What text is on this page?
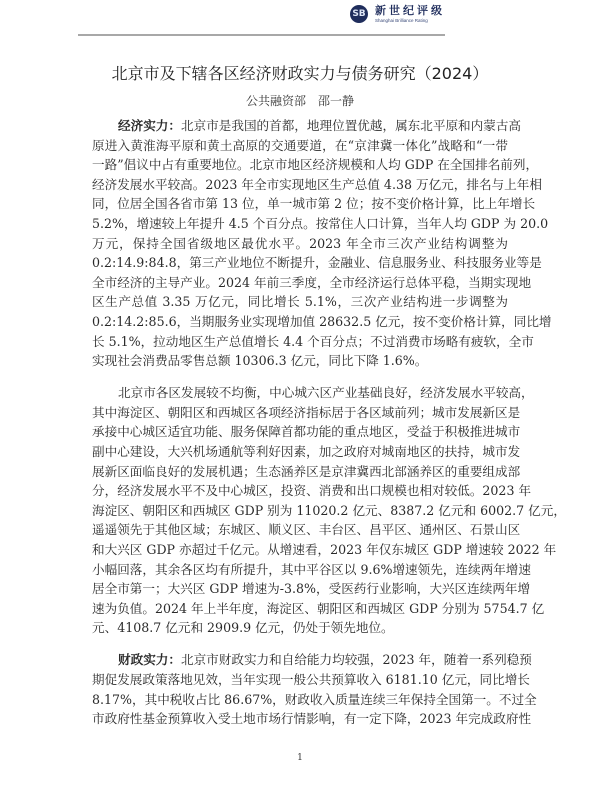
SB 新世纪评级
Shanghai Brilliance Rating
北京市及下辖各区经济财政实力与债务研究（2024）
公共融资部　邵一静
经济实力：北京市是我国的首都，地理位置优越，属东北平原和内蒙古高
原进入黄淮海平原和黄土高原的交通要道，在“京津冀一体化”战略和“一带
一路”倡议中占有重要地位。北京市地区经济规模和人均 GDP 在全国排名前列，
经济发展水平较高。2023 年全市实现地区生产总值 4.38 万亿元，排名与上年相
同，位居全国各省市第 13 位，单一城市第 2 位；按不变价格计算，比上年增长
5.2%，增速较上年提升 4.5 个百分点。按常住人口计算，当年人均 GDP 为 20.0
万元，保持全国省级地区最优水平。2023 年全市三次产业结构调整为
0.2:14.9:84.8，第三产业地位不断提升，金融业、信息服务业、科技服务业等是
全市经济的主导产业。2024 年前三季度，全市经济运行总体平稳，当期实现地
区生产总值 3.35 万亿元，同比增长 5.1%，三次产业结构进一步调整为
0.2:14.2:85.6，当期服务业实现增加值 28632.5 亿元，按不变价格计算，同比增
长 5.1%，拉动地区生产总值增长 4.4 个百分点；不过消费市场略有疲软，全市
实现社会消费品零售总额 10306.3 亿元，同比下降 1.6%。
北京市各区发展较不均衡，中心城六区产业基础良好，经济发展水平较高，
其中海淀区、朝阳区和西城区各项经济指标居于各区域前列；城市发展新区是
承接中心城区适宜功能、服务保障首都功能的重点地区，受益于积极推进城市
副中心建设，大兴机场通航等利好因素，加之政府对城南地区的扶持，城市发
展新区面临良好的发展机遇；生态涵养区是京津冀西北部涵养区的重要组成部
分，经济发展水平不及中心城区，投资、消费和出口规模也相对较低。2023 年
海淀区、朝阳区和西城区 GDP 别为 11020.2 亿元、8387.2 亿元和 6002.7 亿元，
遥遥领先于其他区域；东城区、顺义区、丰台区、昌平区、通州区、石景山区
和大兴区 GDP 亦超过千亿元。从增速看，2023 年仅东城区 GDP 增速较 2022 年
小幅回落，其余各区均有所提升，其中平谷区以 9.6%增速领先，连续两年增速
居全市第一；大兴区 GDP 增速为-3.8%，受医药行业影响，大兴区连续两年增
速为负值。2024 年上半年度，海淀区、朝阳区和西城区 GDP 分别为 5754.7 亿
元、4108.7 亿元和 2909.9 亿元，仍处于领先地位。
财政实力：北京市财政实力和自给能力均较强，2023 年，随着一系列稳预
期促发展政策落地见效，当年实现一般公共预算收入 6181.10 亿元，同比增长
8.17%，其中税收占比 86.67%，财政收入质量连续三年保持全国第一。不过全
市政府性基金预算收入受土地市场行情影响，有一定下降，2023 年完成政府性
1
